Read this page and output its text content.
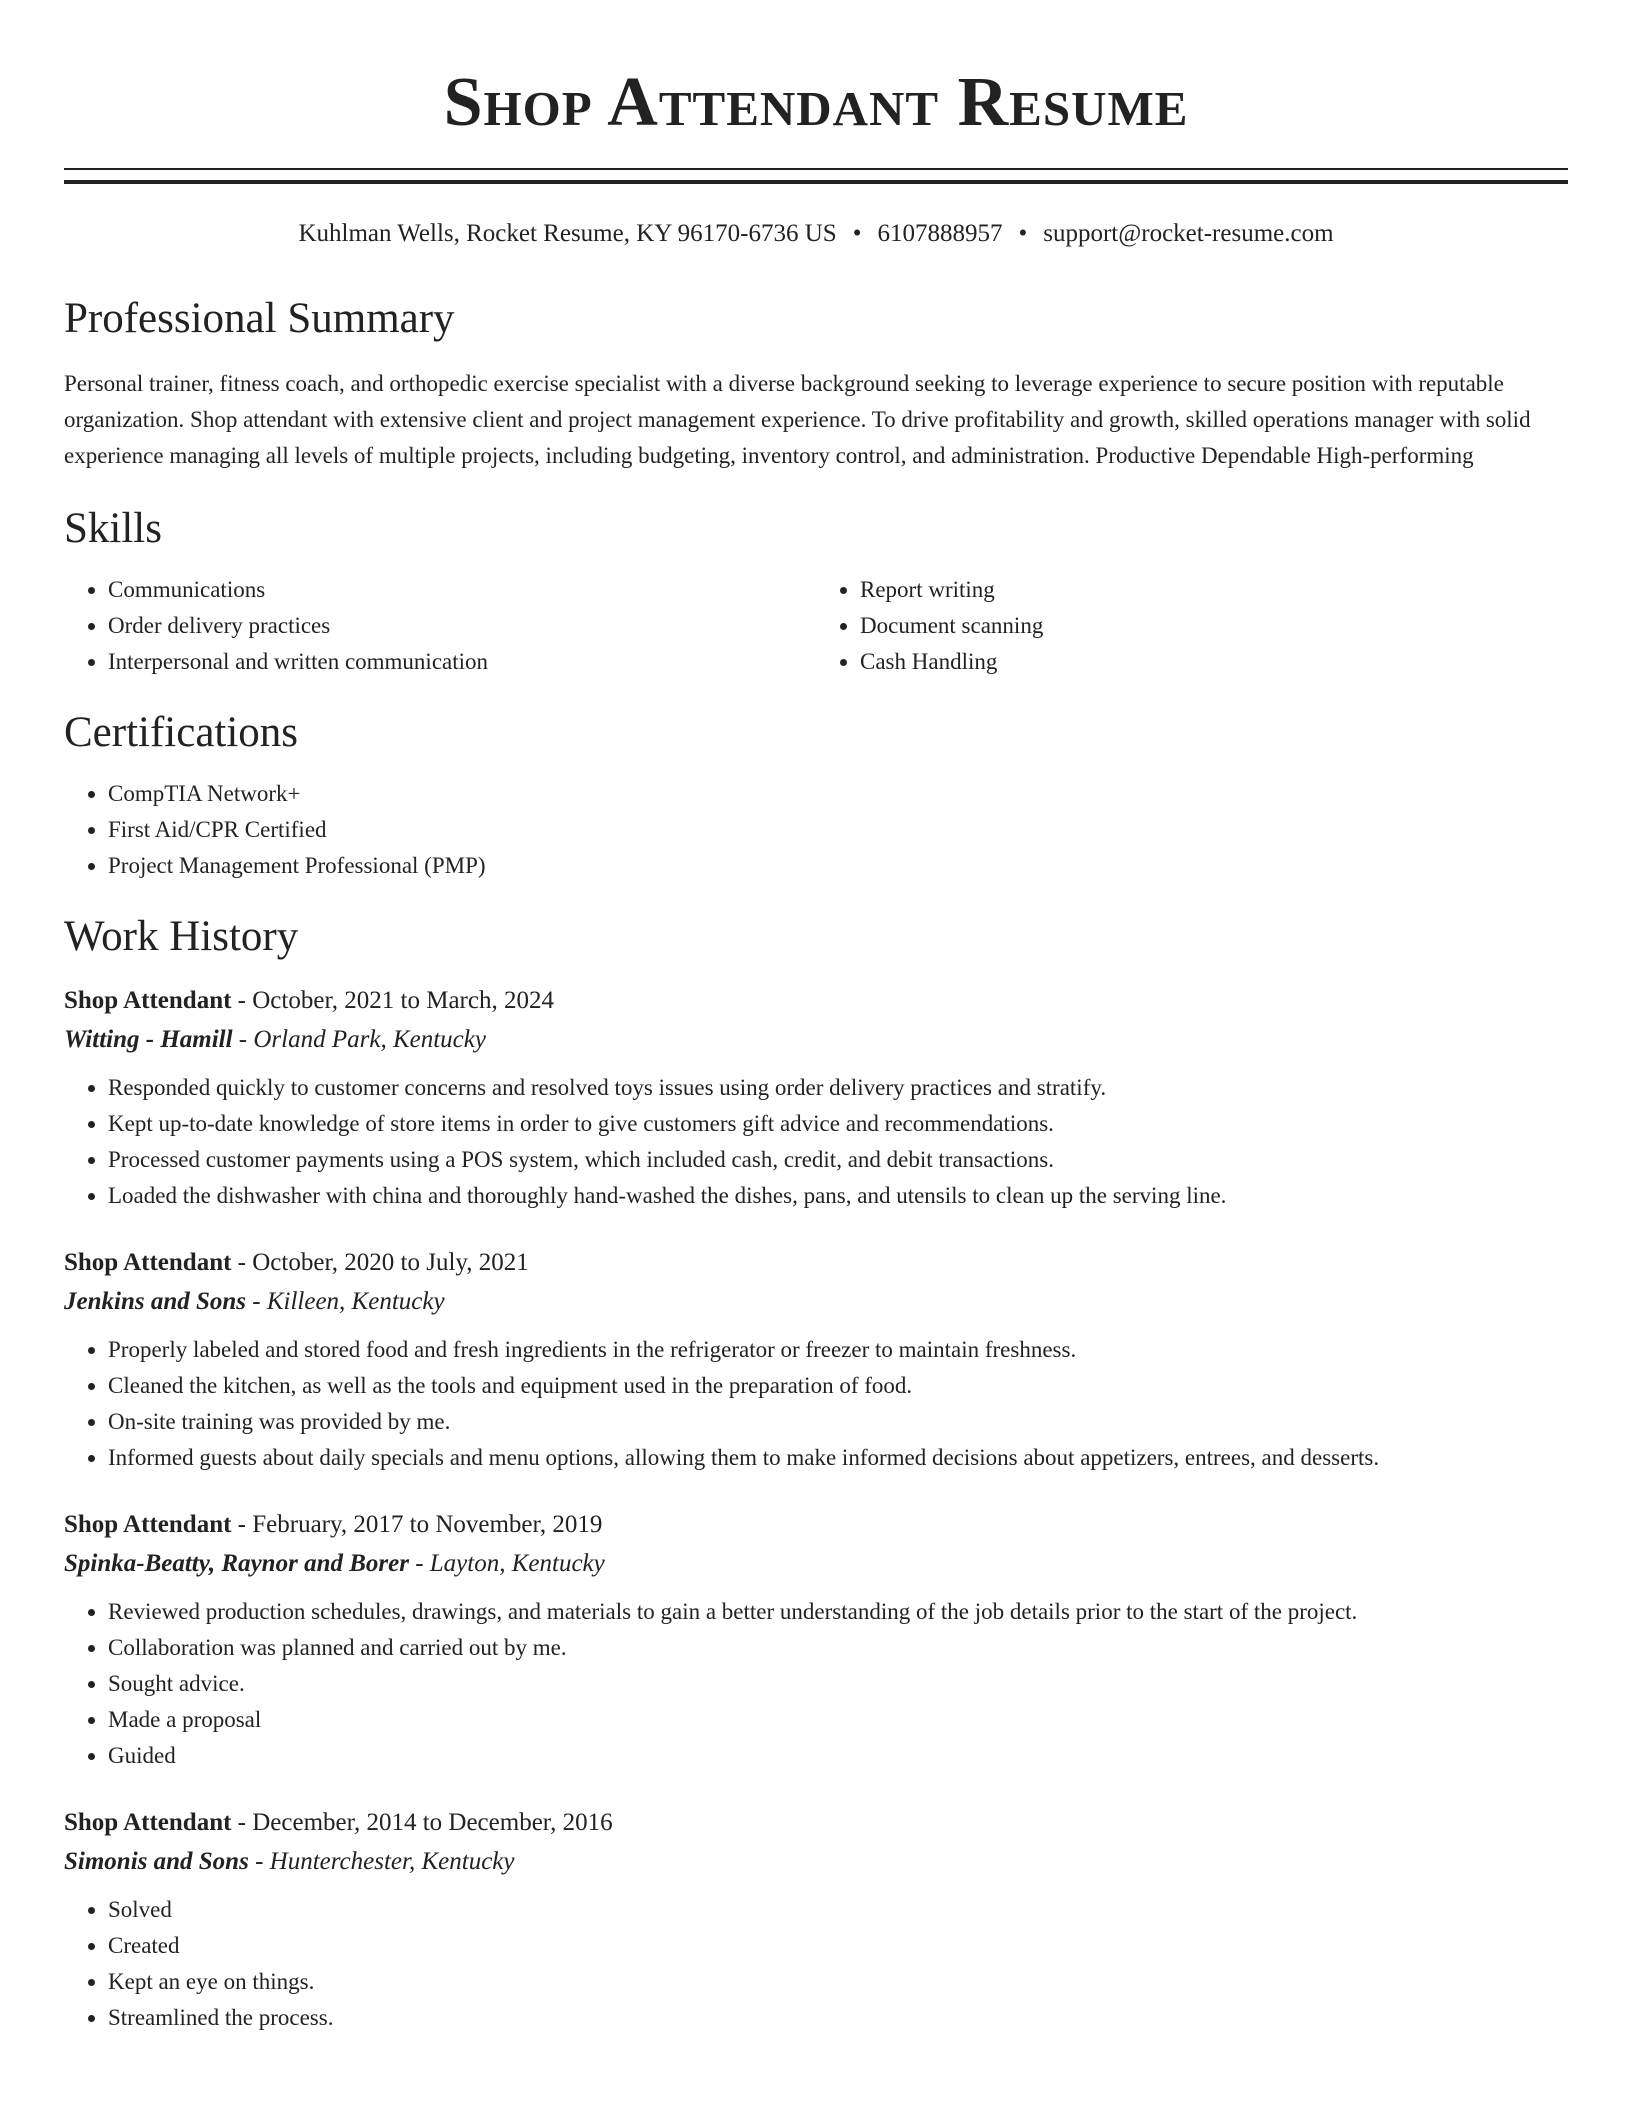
Shop Attendant Resume
Kuhlman Wells, Rocket Resume, KY 96170-6736 US • 6107888957 • support@rocket-resume.com
Professional Summary
Personal trainer, fitness coach, and orthopedic exercise specialist with a diverse background seeking to leverage experience to secure position with reputable organization. Shop attendant with extensive client and project management experience. To drive profitability and growth, skilled operations manager with solid experience managing all levels of multiple projects, including budgeting, inventory control, and administration. Productive Dependable High-performing
Skills
• Communications
• Order delivery practices
• Interpersonal and written communication
• Report writing
• Document scanning
• Cash Handling
Certifications
• CompTIA Network+
• First Aid/CPR Certified
• Project Management Professional (PMP)
Work History
Shop Attendant - October, 2021 to March, 2024
Witting - Hamill - Orland Park, Kentucky
• Responded quickly to customer concerns and resolved toys issues using order delivery practices and stratify.
• Kept up-to-date knowledge of store items in order to give customers gift advice and recommendations.
• Processed customer payments using a POS system, which included cash, credit, and debit transactions.
• Loaded the dishwasher with china and thoroughly hand-washed the dishes, pans, and utensils to clean up the serving line.
Shop Attendant - October, 2020 to July, 2021
Jenkins and Sons - Killeen, Kentucky
• Properly labeled and stored food and fresh ingredients in the refrigerator or freezer to maintain freshness.
• Cleaned the kitchen, as well as the tools and equipment used in the preparation of food.
• On-site training was provided by me.
• Informed guests about daily specials and menu options, allowing them to make informed decisions about appetizers, entrees, and desserts.
Shop Attendant - February, 2017 to November, 2019
Spinka-Beatty, Raynor and Borer - Layton, Kentucky
• Reviewed production schedules, drawings, and materials to gain a better understanding of the job details prior to the start of the project.
• Collaboration was planned and carried out by me.
• Sought advice.
• Made a proposal
• Guided
Shop Attendant - December, 2014 to December, 2016
Simonis and Sons - Hunterchester, Kentucky
• Solved
• Created
• Kept an eye on things.
• Streamlined the process.
